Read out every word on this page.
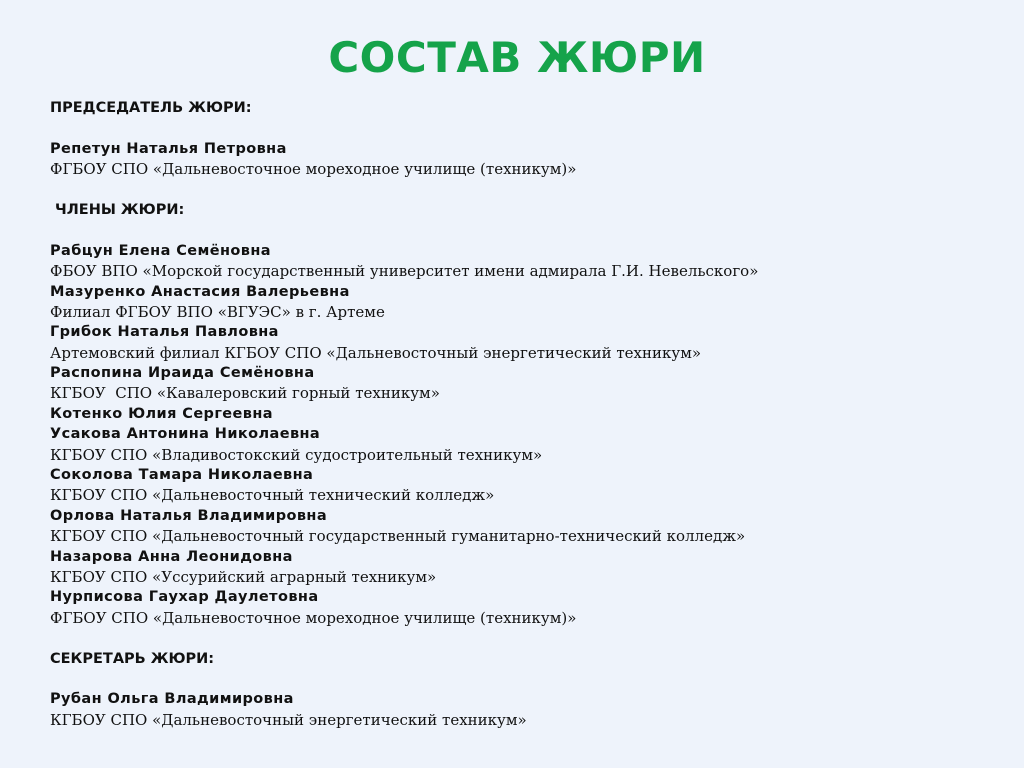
СОСТАВ ЖЮРИ
ПРЕДСЕДАТЕЛЬ ЖЮРИ:
Репетун Наталья Петровна
ФГБОУ СПО «Дальневосточное мореходное училище (техникум)»
ЧЛЕНЫ ЖЮРИ:
Рабцун Елена Семёновна
ФБОУ ВПО «Морской государственный университет имени адмирала Г.И. Невельского»
Мазуренко Анастасия Валерьевна
Филиал ФГБОУ ВПО «ВГУЭС» в г. Артеме
Грибок Наталья Павловна
Артемовский филиал КГБОУ СПО «Дальневосточный энергетический техникум»
Распопина Ираида Семёновна
КГБОУ  СПО «Кавалеровский горный техникум»
Котенко Юлия Сергеевна
Усакова Антонина Николаевна
КГБОУ СПО «Владивостокский судостроительный техникум»
Соколова Тамара Николаевна
КГБОУ СПО «Дальневосточный технический колледж»
Орлова Наталья Владимировна
КГБОУ СПО «Дальневосточный государственный гуманитарно-технический колледж»
Назарова Анна Леонидовна
КГБОУ СПО «Уссурийский аграрный техникум»
Нурписова Гаухар Даулетовна
ФГБОУ СПО «Дальневосточное мореходное училище (техникум)»
СЕКРЕТАРЬ ЖЮРИ:
Рубан Ольга Владимировна
КГБОУ СПО «Дальневосточный энергетический техникум»
